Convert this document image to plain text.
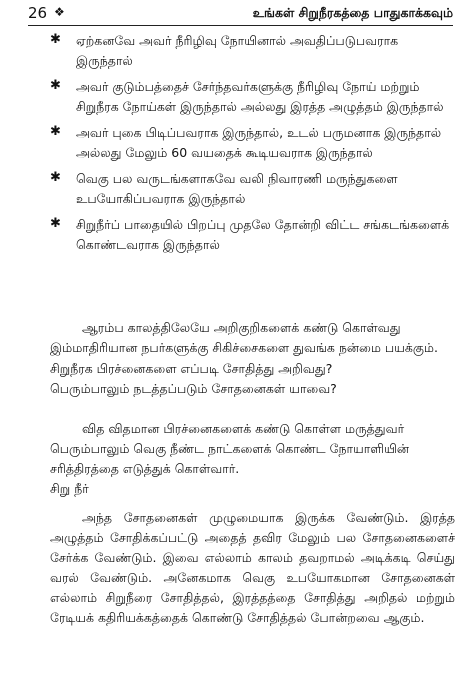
26 ❖	உங்கள் சிறுநீரகத்தை பாதுகாக்கவும்
✱ ஏற்கனவே அவர் நீரிழிவு நோயினால் அவதிப்படுபவராக இருந்தால்
✱ அவர் குடும்பத்தைச் சேர்ந்தவர்களுக்கு நீரிழிவு நோய் மற்றும் சிறுநீரக நோய்கள் இருந்தால் அல்லது இரத்த அழுத்தம் இருந்தால்
✱ அவர் புகை பிடிப்பவராக இருந்தால், உடல் பருமனாக இருந்தால் அல்லது மேலும் 60 வயதைக் கூடியவராக இருந்தால்
✱ வெகு பல வருடங்களாகவே வலி நிவாரணி மருந்துகளை உபயோகிப்பவராக இருந்தால்
✱ சிறுநீர்ப் பாதையில் பிறப்பு முதலே தோன்றி விட்ட சங்கடங்களைக் கொண்டவராக இருந்தால்
ஆரம்ப காலத்திலேயே அறிகுறிகளைக் கண்டு கொள்வது இம்மாதிரியான நபர்களுக்கு சிகிச்சைகளை துவங்க நன்மை பயக்கும்.
சிறுநீரக பிரச்னைகளை எப்படி சோதித்து அறிவது?
பெரும்பாலும் நடத்தப்படும் சோதனைகள் யாவை?
வித விதமான பிரச்னைகளைக் கண்டு கொள்ள மருத்துவர் பெரும்பாலும் வெகு நீண்ட நாட்களைக் கொண்ட நோயாளியின் சரித்திரத்தை எடுத்துக் கொள்வார்.
சிறு நீர்
அந்த சோதனைகள் முழுமையாக இருக்க வேண்டும். இரத்த அழுத்தம் சோதிக்கப்பட்டு அதைத் தவிர மேலும் பல சோதனைகளைச் சேர்க்க வேண்டும். இவை எல்லாம் காலம் தவறாமல் அடிக்கடி செய்து வரல் வேண்டும். அனேகமாக வெகு உபயோகமான சோதனைகள் எல்லாம் சிறுநீரை சோதித்தல், இரத்தத்தை சோதித்து அறிதல் மற்றும் ரேடியக் கதிரியக்கத்தைக் கொண்டு சோதித்தல் போன்றவை ஆகும்.
